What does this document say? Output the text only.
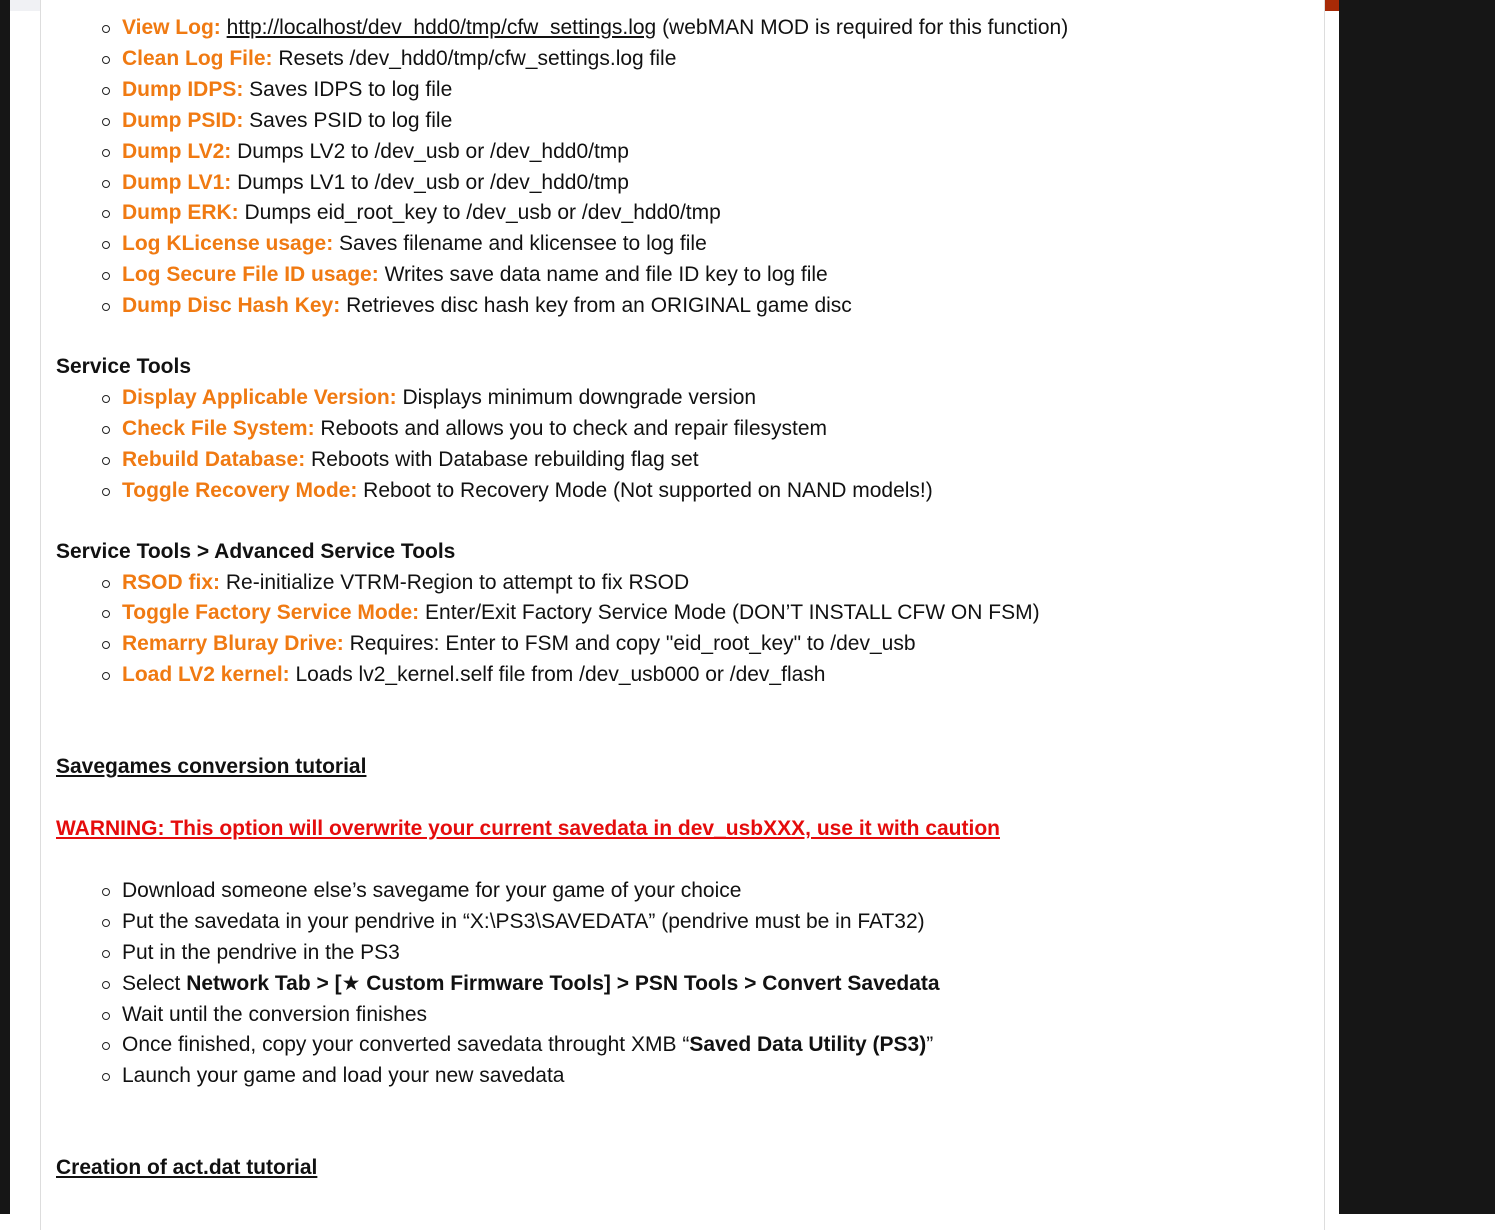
View Log: http://localhost/dev_hdd0/tmp/cfw_settings.log (webMAN MOD is required for this function)
Clean Log File: Resets /dev_hdd0/tmp/cfw_settings.log file
Dump IDPS: Saves IDPS to log file
Dump PSID: Saves PSID to log file
Dump LV2: Dumps LV2 to /dev_usb or /dev_hdd0/tmp
Dump LV1: Dumps LV1 to /dev_usb or /dev_hdd0/tmp
Dump ERK: Dumps eid_root_key to /dev_usb or /dev_hdd0/tmp
Log KLicense usage: Saves filename and klicensee to log file
Log Secure File ID usage: Writes save data name and file ID key to log file
Dump Disc Hash Key: Retrieves disc hash key from an ORIGINAL game disc
Service Tools
Display Applicable Version: Displays minimum downgrade version
Check File System: Reboots and allows you to check and repair filesystem
Rebuild Database: Reboots with Database rebuilding flag set
Toggle Recovery Mode: Reboot to Recovery Mode (Not supported on NAND models!)
Service Tools > Advanced Service Tools
RSOD fix: Re-initialize VTRM-Region to attempt to fix RSOD
Toggle Factory Service Mode: Enter/Exit Factory Service Mode (DON’T INSTALL CFW ON FSM)
Remarry Bluray Drive: Requires: Enter to FSM and copy "eid_root_key" to /dev_usb
Load LV2 kernel: Loads lv2_kernel.self file from /dev_usb000 or /dev_flash
Savegames conversion tutorial
WARNING: This option will overwrite your current savedata in dev_usbXXX, use it with caution
Download someone else’s savegame for your game of your choice
Put the savedata in your pendrive in “X:\PS3\SAVEDATA” (pendrive must be in FAT32)
Put in the pendrive in the PS3
Select Network Tab > [★ Custom Firmware Tools] > PSN Tools > Convert Savedata
Wait until the conversion finishes
Once finished, copy your converted savedata throught XMB “Saved Data Utility (PS3)”
Launch your game and load your new savedata
Creation of act.dat tutorial
